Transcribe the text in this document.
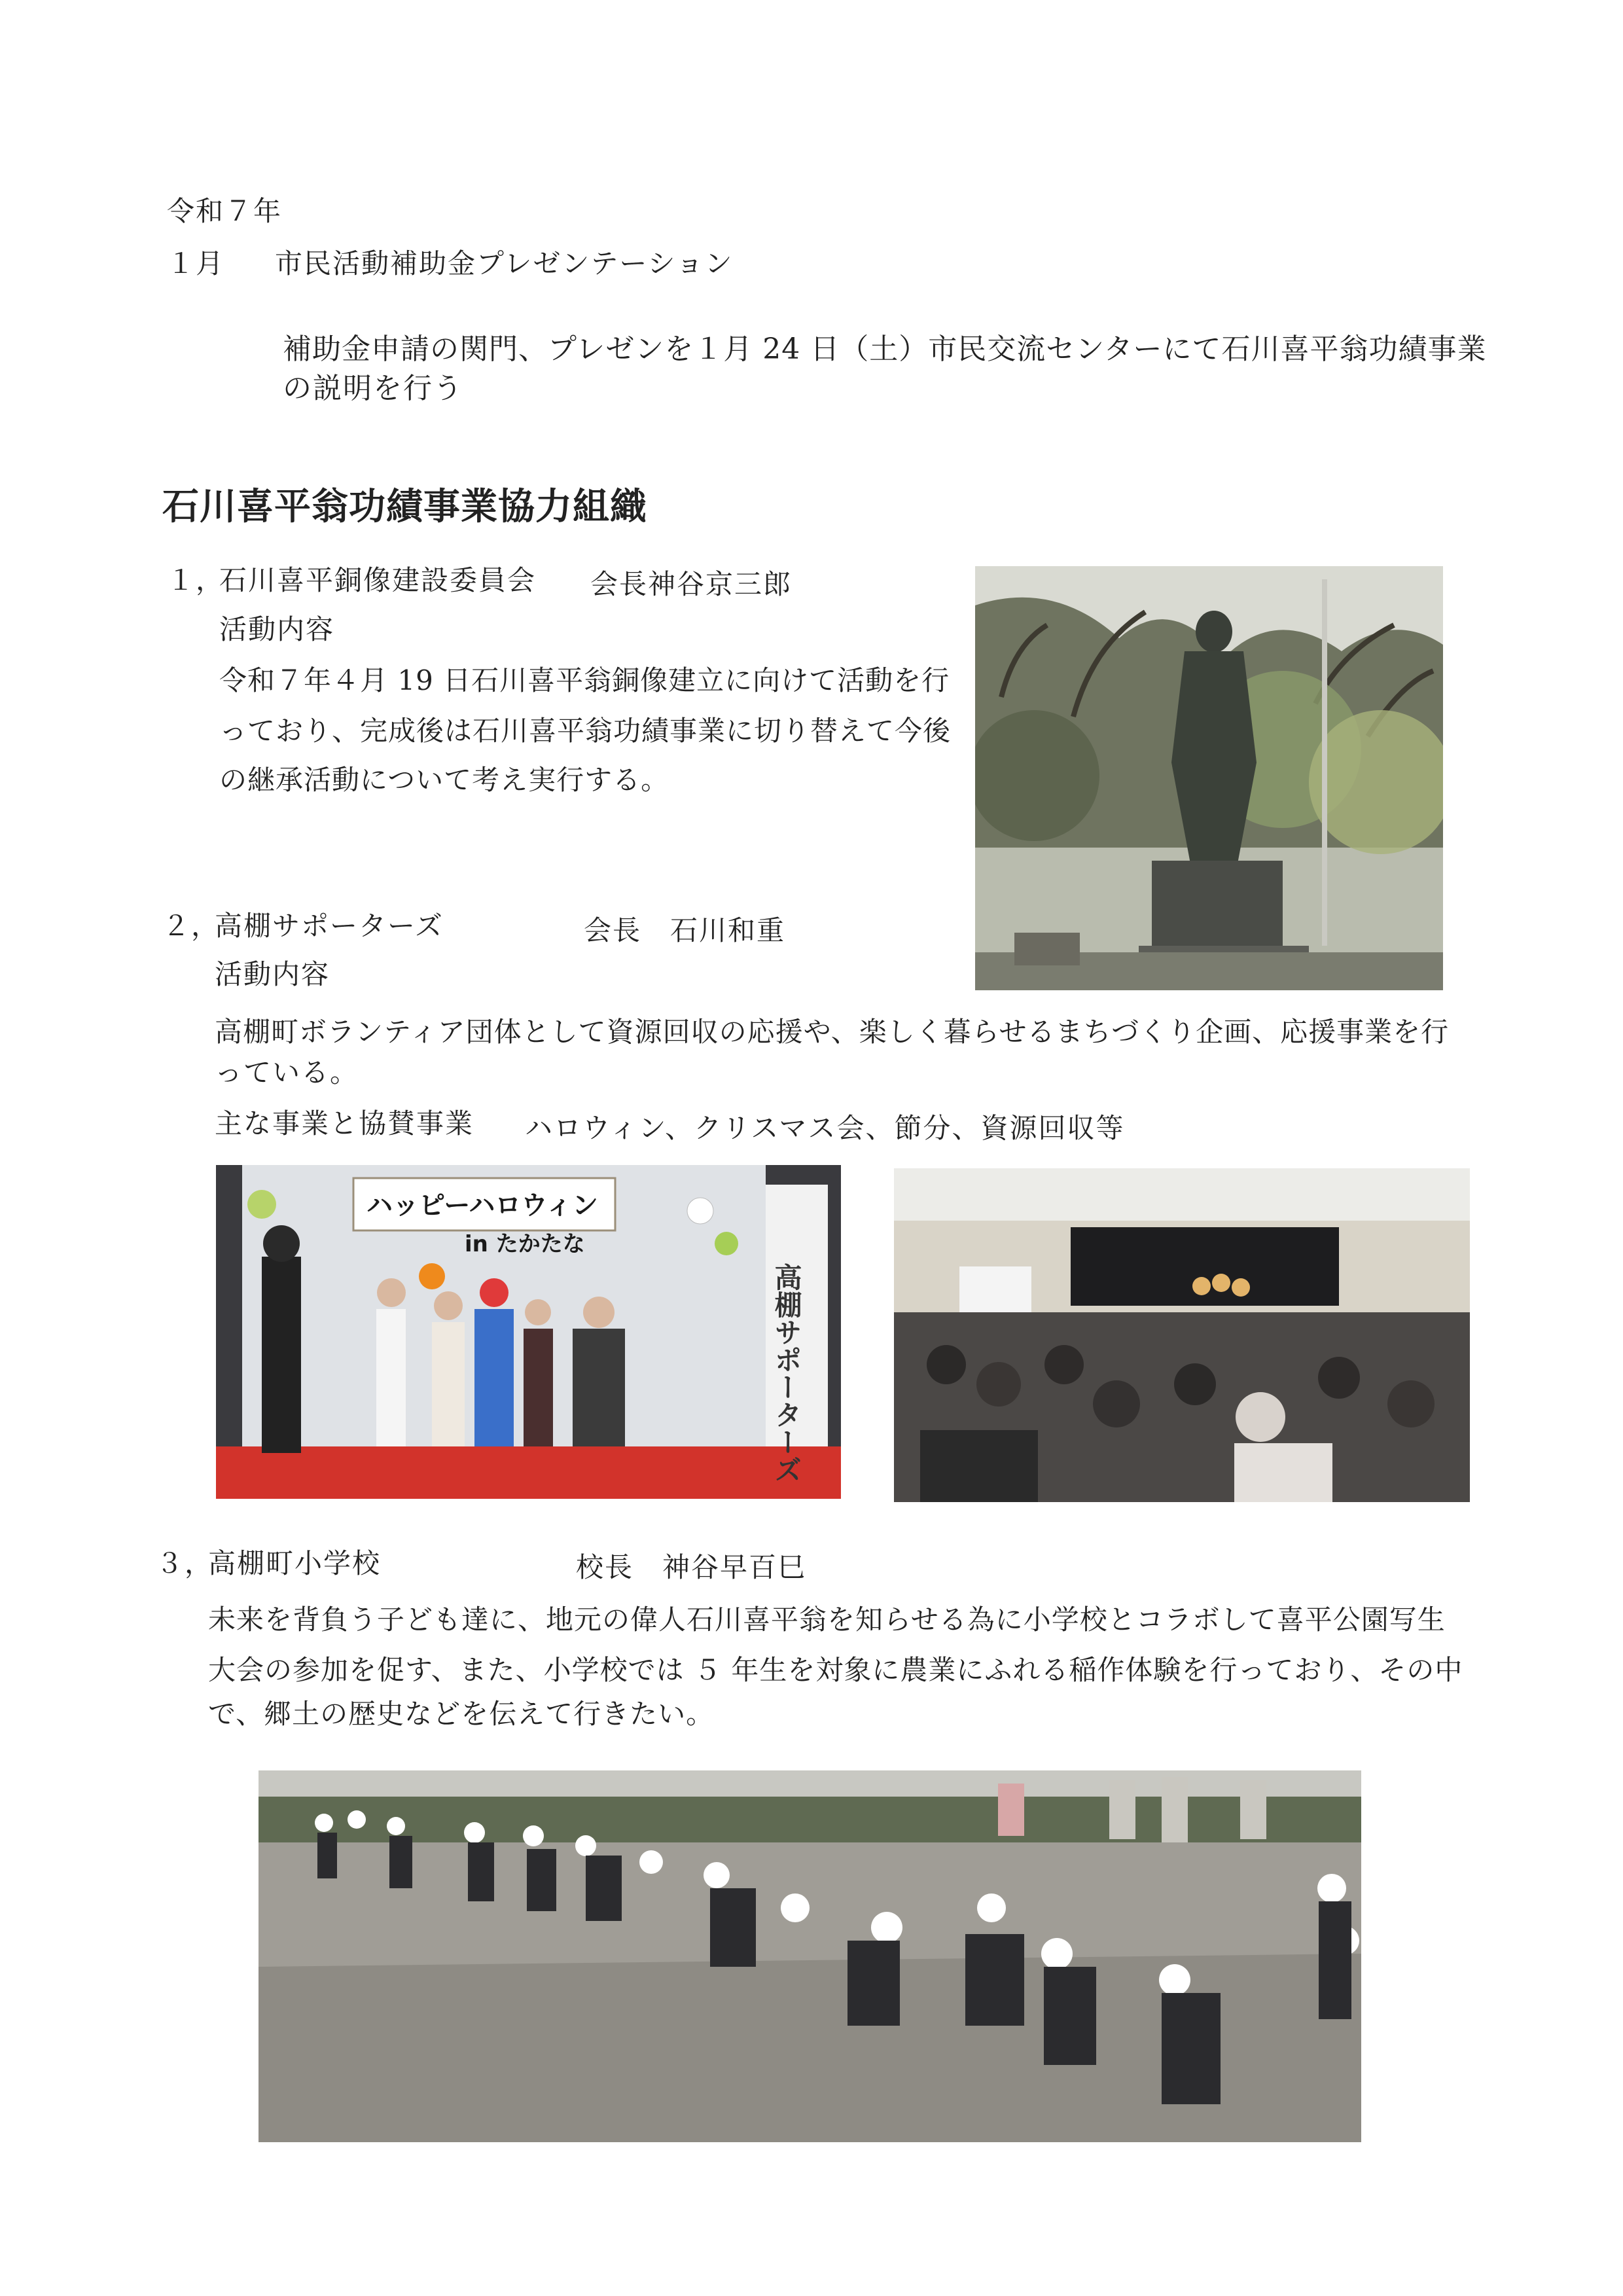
令和７年
１月 市民活動補助金プレゼンテーション
補助金申請の関門、プレゼンを１月 24 日（土）市民交流センターにて石川喜平翁功績事業
の説明を行う
石川喜平翁功績事業協力組織
１，
石川喜平銅像建設委員会 会長神谷京三郎
活動内容
令和７年４月 19 日石川喜平翁銅像建立に向けて活動を行
っており、完成後は石川喜平翁功績事業に切り替えて今後
の継承活動について考え実行する。
２，
高棚サポーターズ	会長　石川和重
活動内容
高棚町ボランティア団体として資源回収の応援や、楽しく暮らせるまちづくり企画、応援事業を行
っている。
主な事業と協賛事業 ハロウィン、クリスマス会、節分、資源回収等
ハッピーハロウィン
in たかたな
高棚サポーターズ
３，
高棚町小学校	校長　神谷早百巳
未来を背負う子ども達に、地元の偉人石川喜平翁を知らせる為に小学校とコラボして喜平公園写生
大会の参加を促す、また、小学校では ５ 年生を対象に農業にふれる稲作体験を行っており、その中
で、郷土の歴史などを伝えて行きたい。
